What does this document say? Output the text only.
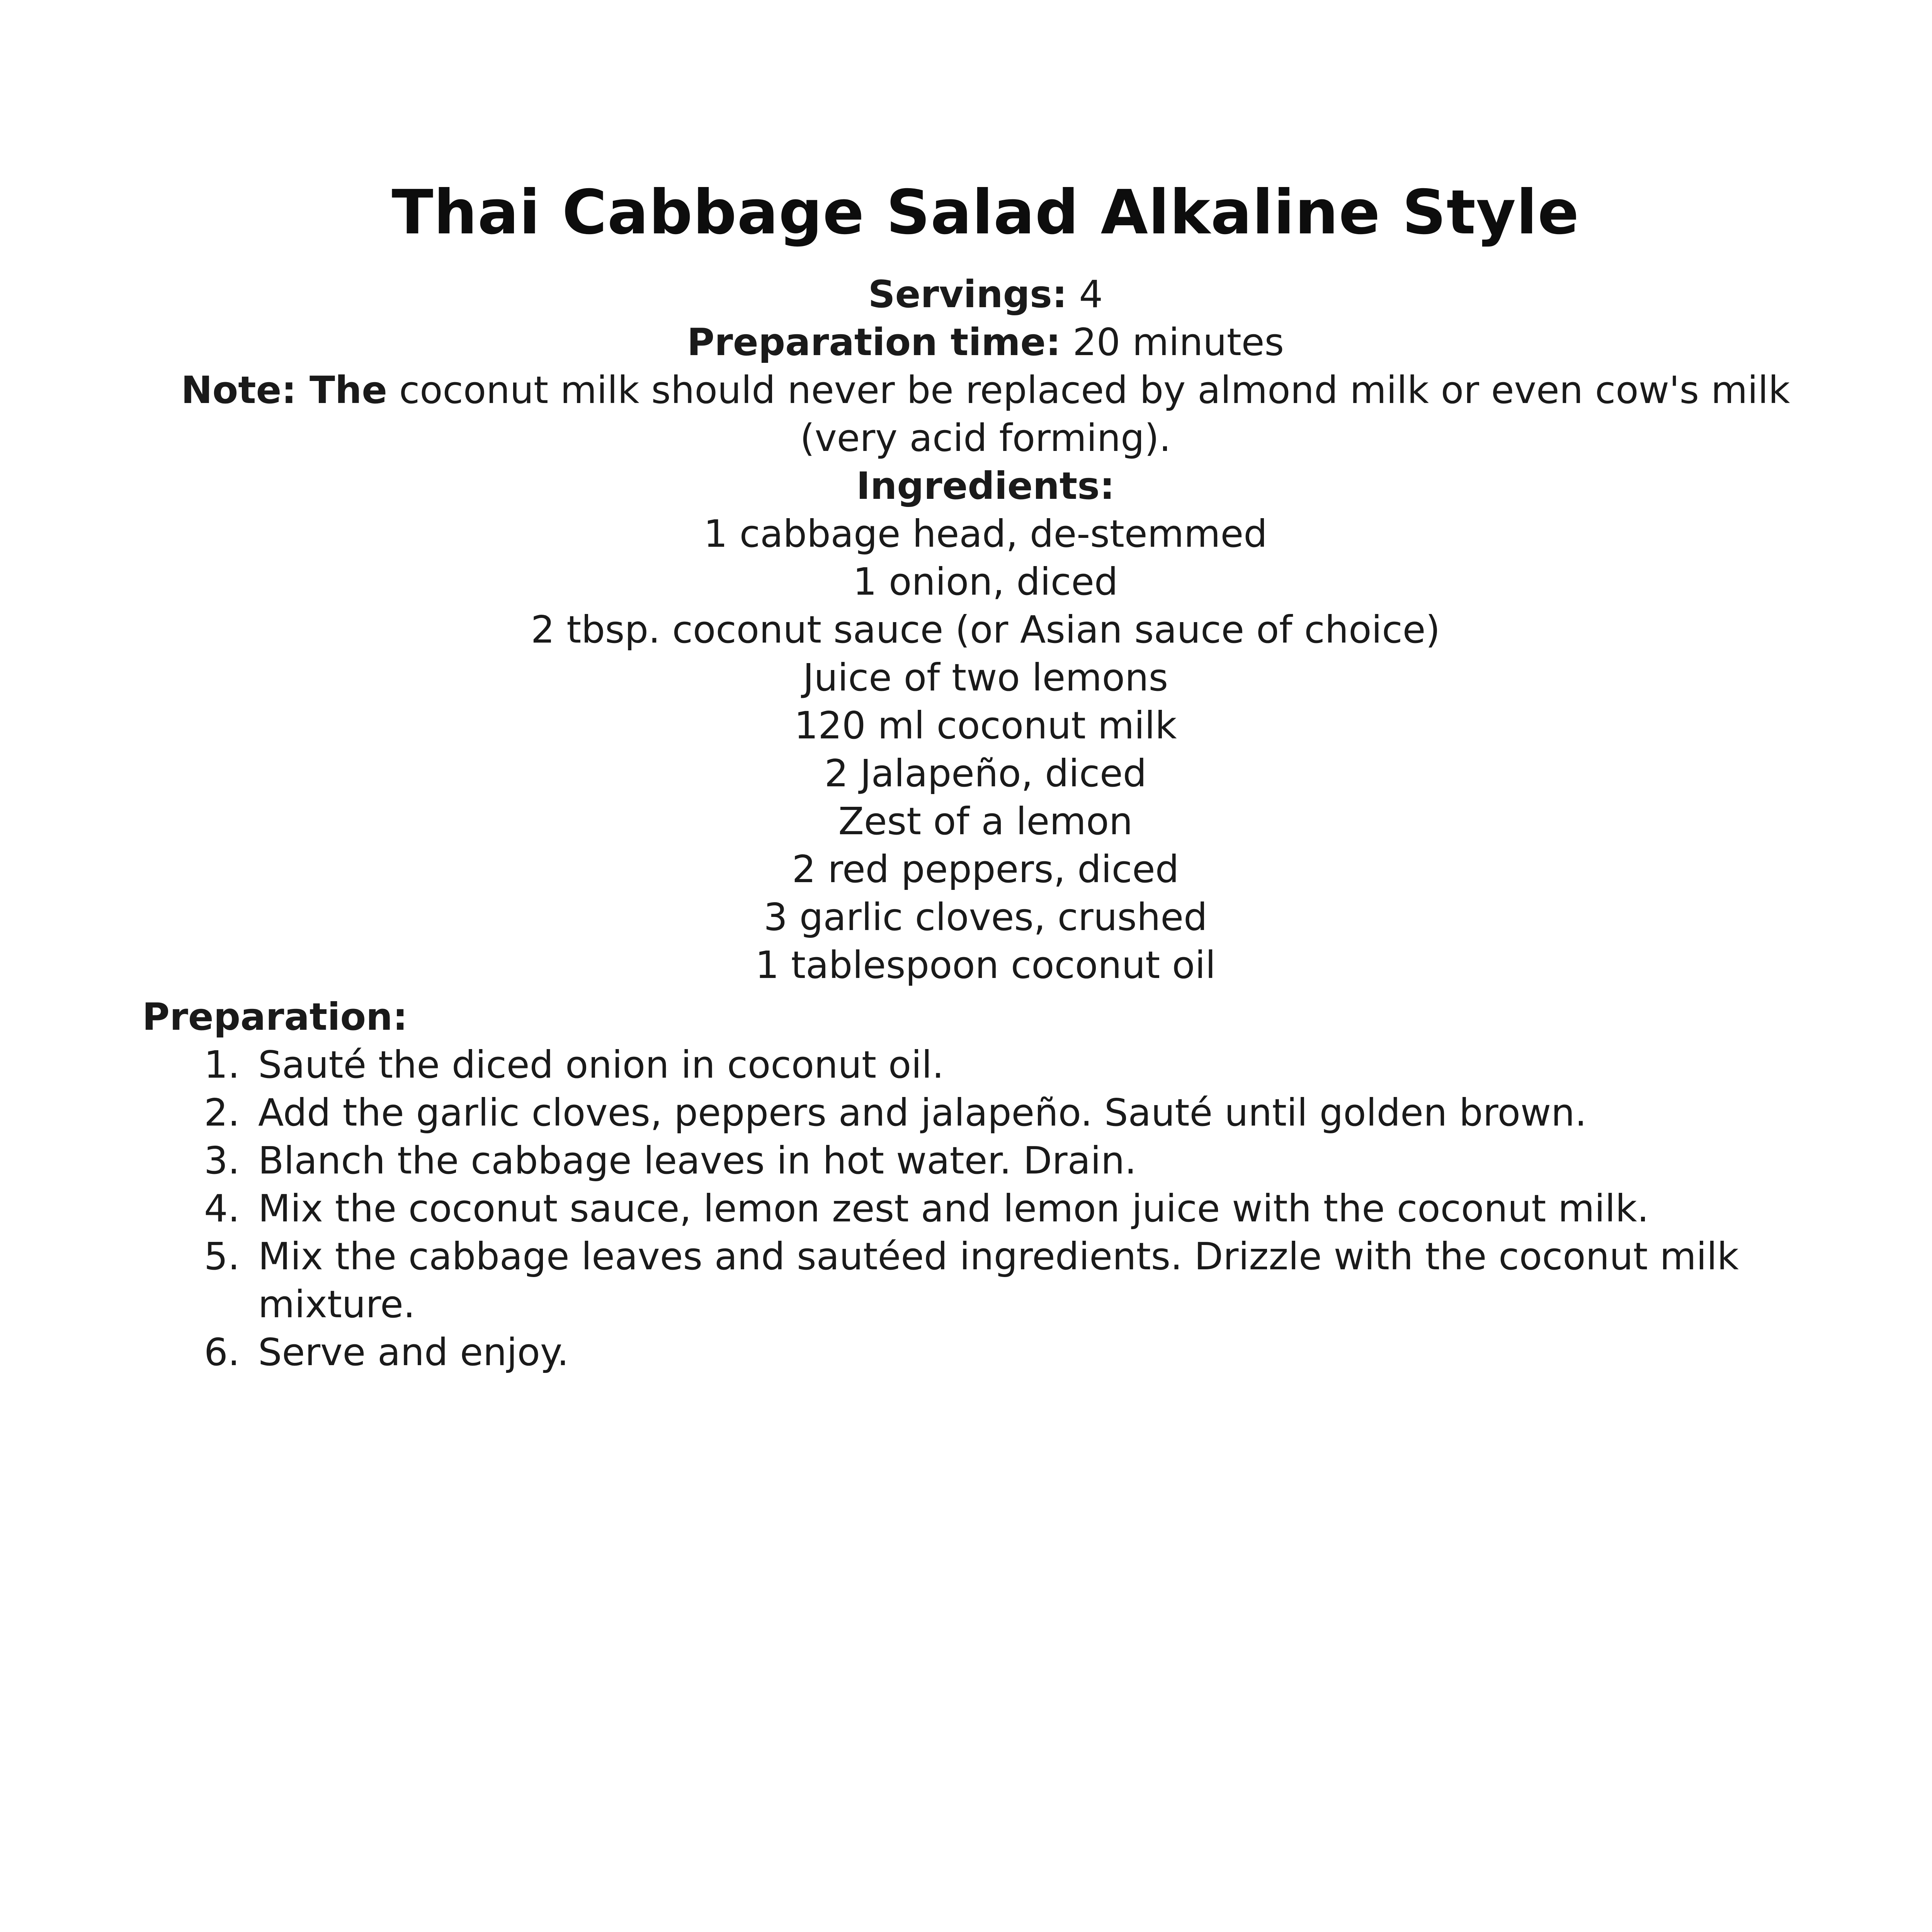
Thai Cabbage Salad Alkaline Style
Servings: 4
Preparation time: 20 minutes
Note: The coconut milk should never be replaced by almond milk or even cow's milk
(very acid forming).
Ingredients:
1 cabbage head, de-stemmed
1 onion, diced
2 tbsp. coconut sauce (or Asian sauce of choice)
Juice of two lemons
120 ml coconut milk
2 Jalapeño, diced
Zest of a lemon
2 red peppers, diced
3 garlic cloves, crushed
1 tablespoon coconut oil
Preparation:
1. Sauté the diced onion in coconut oil.
2. Add the garlic cloves, peppers and jalapeño. Sauté until golden brown.
3. Blanch the cabbage leaves in hot water. Drain.
4. Mix the coconut sauce, lemon zest and lemon juice with the coconut milk.
5. Mix the cabbage leaves and sautéed ingredients. Drizzle with the coconut milk mixture.
6. Serve and enjoy.
